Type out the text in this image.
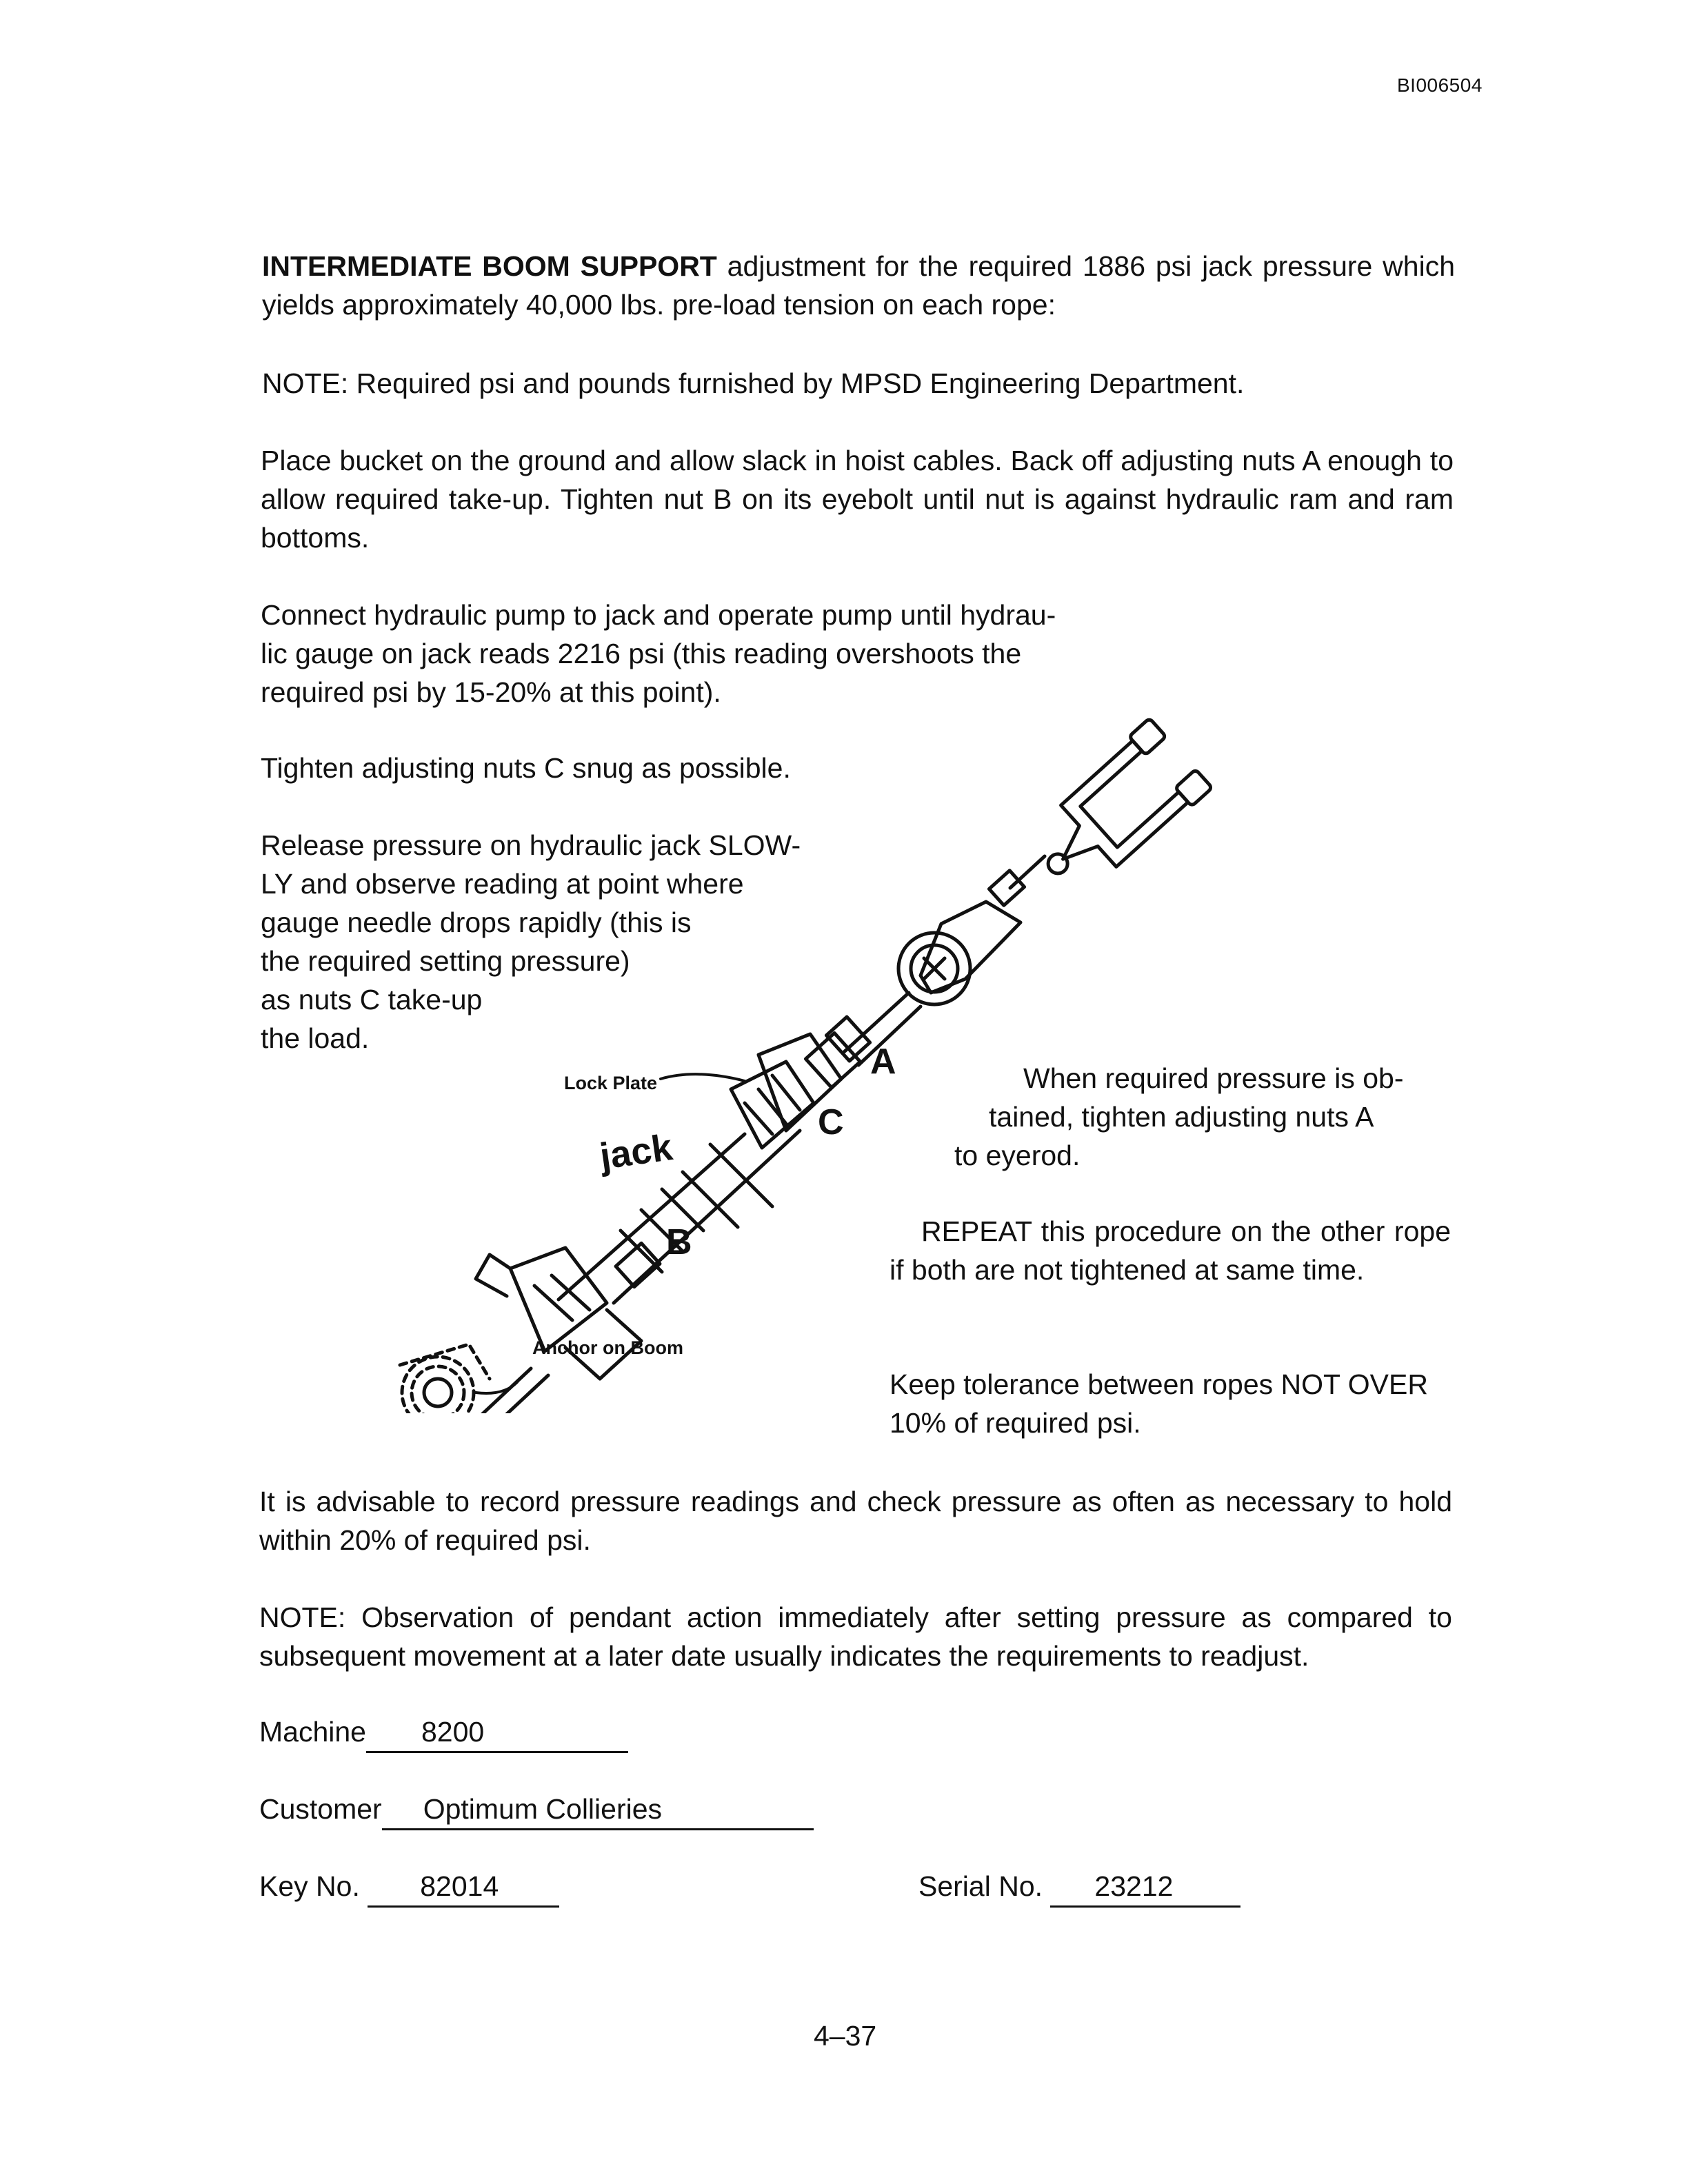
BI006504

INTERMEDIATE BOOM SUPPORT adjustment for the required 1886 psi jack pressure which yields approximately 40,000 lbs. pre-load tension on each rope:

NOTE: Required psi and pounds furnished by MPSD Engineering Department.

Place bucket on the ground and allow slack in hoist cables. Back off adjusting nuts A enough to allow required take-up. Tighten nut B on its eyebolt until nut is against hydraulic ram and ram bottoms.

Connect hydraulic pump to jack and operate pump until hydrau-
lic gauge on jack reads 2216 psi (this reading overshoots the
required psi by 15-20% at this point).

Tighten adjusting nuts C snug as possible.

Release pressure on hydraulic jack SLOW-
LY and observe reading at point where
gauge needle drops rapidly (this is
the required setting pressure)
as nuts C take-up
the load.
Lock Plate
Anchor on Boom
jack
A
C
B
When required pressure is ob-
tained, tighten adjusting nuts A
to eyerod.

REPEAT this procedure on the other rope if both are not tightened at same time.

Keep tolerance between ropes NOT OVER 10% of required psi.

It is advisable to record pressure readings and check pressure as often as necessary to hold within 20% of required psi.

NOTE: Observation of pendant action immediately after setting pressure as compared to subsequent movement at a later date usually indicates the requirements to readjust.

Machine 8200
Customer Optimum Collieries
Key No. 82014	Serial No. 23212
4–37
